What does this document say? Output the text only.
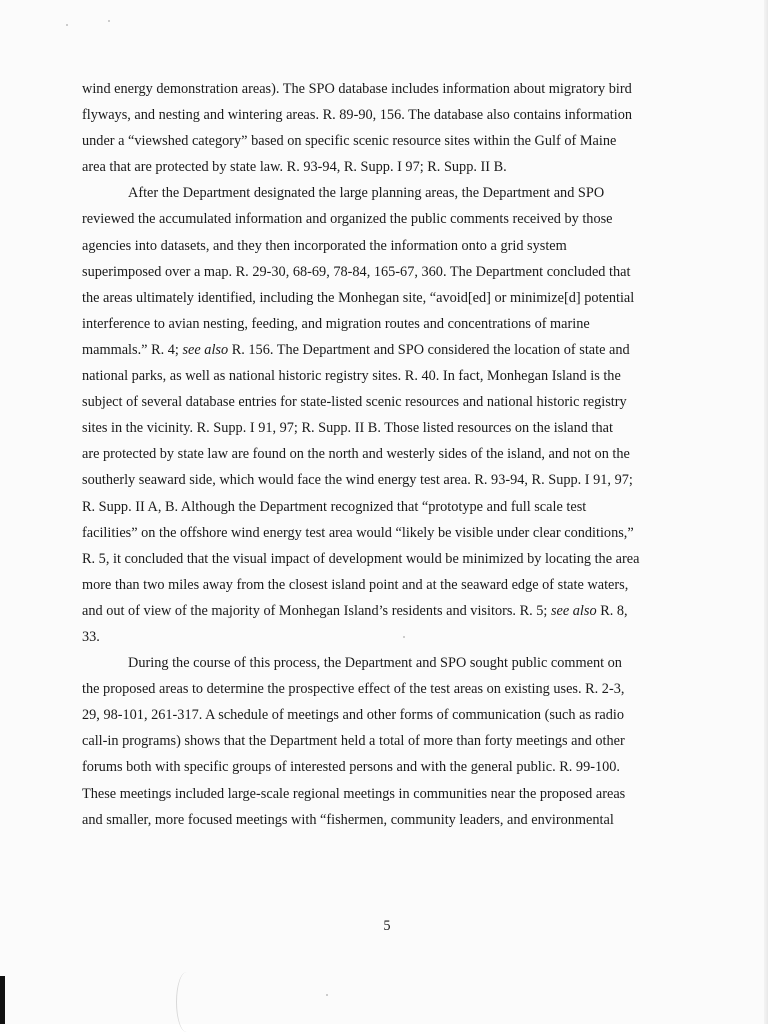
wind energy demonstration areas). The SPO database includes information about migratory bird
flyways, and nesting and wintering areas. R. 89-90, 156. The database also contains information
under a “viewshed category” based on specific scenic resource sites within the Gulf of Maine
area that are protected by state law. R. 93-94, R. Supp. I 97; R. Supp. II B.
After the Department designated the large planning areas, the Department and SPO
reviewed the accumulated information and organized the public comments received by those
agencies into datasets, and they then incorporated the information onto a grid system
superimposed over a map. R. 29-30, 68-69, 78-84, 165-67, 360. The Department concluded that
the areas ultimately identified, including the Monhegan site, “avoid[ed] or minimize[d] potential
interference to avian nesting, feeding, and migration routes and concentrations of marine
mammals.” R. 4; see also R. 156. The Department and SPO considered the location of state and
national parks, as well as national historic registry sites. R. 40. In fact, Monhegan Island is the
subject of several database entries for state-listed scenic resources and national historic registry
sites in the vicinity. R. Supp. I 91, 97; R. Supp. II B. Those listed resources on the island that
are protected by state law are found on the north and westerly sides of the island, and not on the
southerly seaward side, which would face the wind energy test area. R. 93-94, R. Supp. I 91, 97;
R. Supp. II A, B. Although the Department recognized that “prototype and full scale test
facilities” on the offshore wind energy test area would “likely be visible under clear conditions,”
R. 5, it concluded that the visual impact of development would be minimized by locating the area
more than two miles away from the closest island point and at the seaward edge of state waters,
and out of view of the majority of Monhegan Island’s residents and visitors. R. 5; see also R. 8,
33.
During the course of this process, the Department and SPO sought public comment on
the proposed areas to determine the prospective effect of the test areas on existing uses. R. 2-3,
29, 98-101, 261-317. A schedule of meetings and other forms of communication (such as radio
call-in programs) shows that the Department held a total of more than forty meetings and other
forums both with specific groups of interested persons and with the general public. R. 99-100.
These meetings included large-scale regional meetings in communities near the proposed areas
and smaller, more focused meetings with “fishermen, community leaders, and environmental
5
